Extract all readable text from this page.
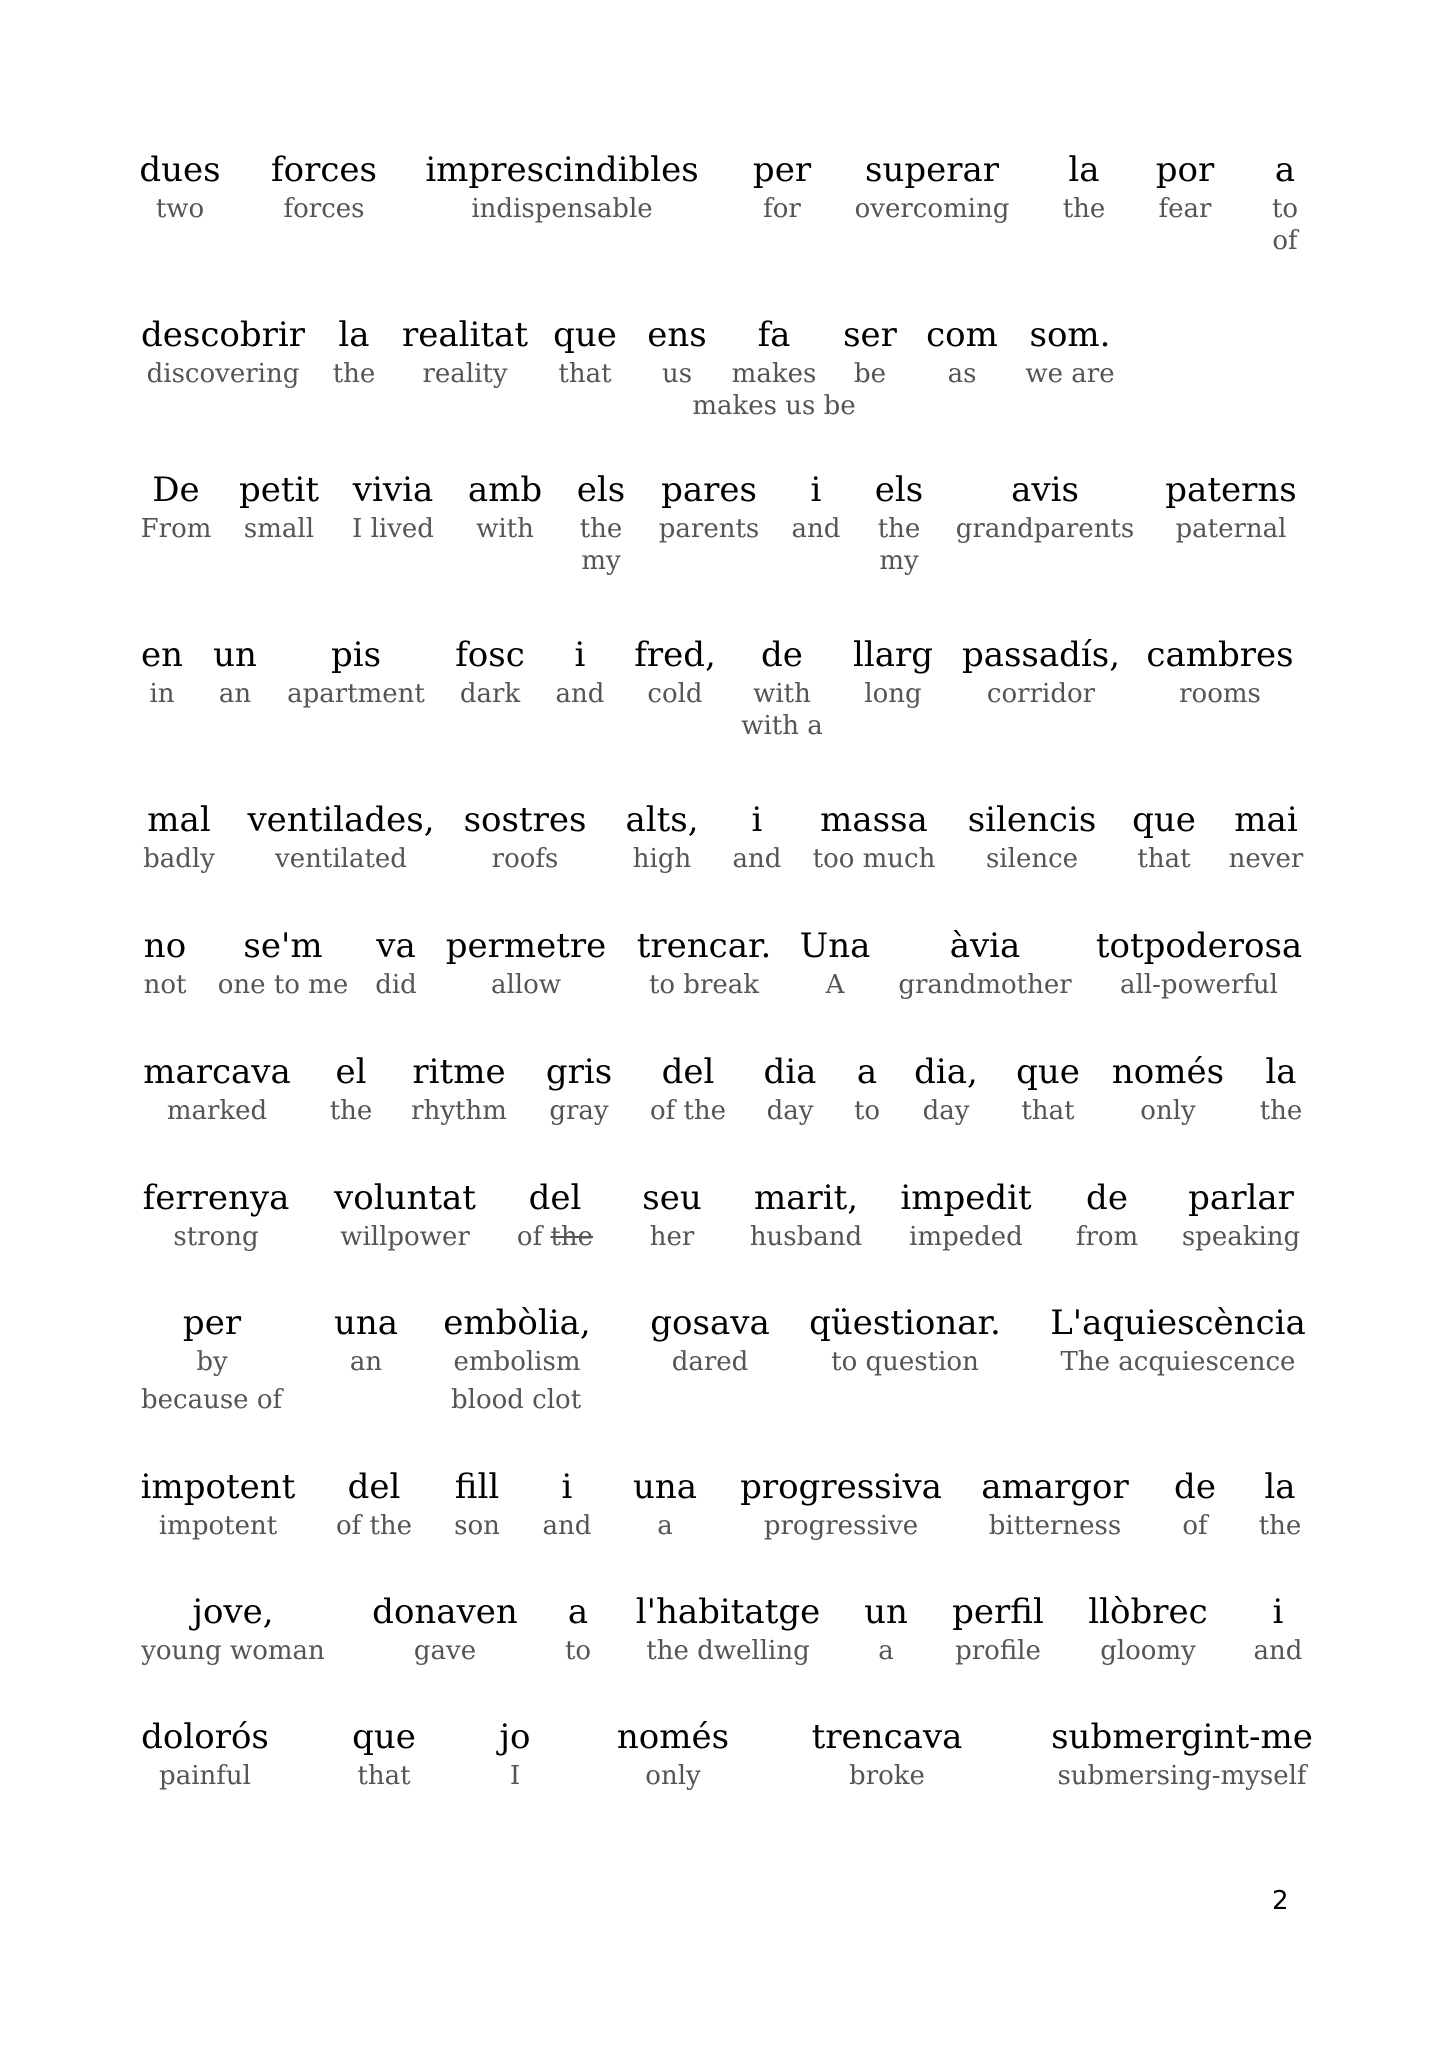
dues
two
forces
forces
imprescindibles
indispensable
per
for
superar
overcoming
la
the
por
fear
a
to
of
descobrir
discovering
la
the
realitat
reality
que
that
ens
us
fa
makes
makes us be
ser
be
com
as
som.
we are
De
From
petit
small
vivia
I lived
amb
with
els
the
my
pares
parents
i
and
els
the
my
avis
grandparents
paterns
paternal
en
in
un
an
pis
apartment
fosc
dark
i
and
fred,
cold
de
with
with a
llarg
long
passadís,
corridor
cambres
rooms
mal
badly
ventilades,
ventilated
sostres
roofs
alts,
high
i
and
massa
too much
silencis
silence
que
that
mai
never
no
not
se'm
one to me
va
did
permetre
allow
trencar.
to break
Una
A
àvia
grandmother
totpoderosa
all-powerful
marcava
marked
el
the
ritme
rhythm
gris
gray
del
of the
dia
day
a
to
dia,
day
que
that
només
only
la
the
ferrenya
strong
voluntat
willpower
del
of the
seu
her
marit,
husband
impedit
impeded
de
from
parlar
speaking
per
by
una
an
embòlia,
embolism
gosava
dared
qüestionar.
to question
L'aquiescència
The acquiescence
because of	blood clot
impotent
impotent
del
of the
fill
son
i
and
una
a
progressiva
progressive
amargor
bitterness
de
of
la
the
jove,
young woman
donaven
gave
a
to
l'habitatge
the dwelling
un
a
perfil
profile
llòbrec
gloomy
i
and
dolorós
painful
que
that
jo
I
només
only
trencava
broke
submergint-me
submersing-myself
2
